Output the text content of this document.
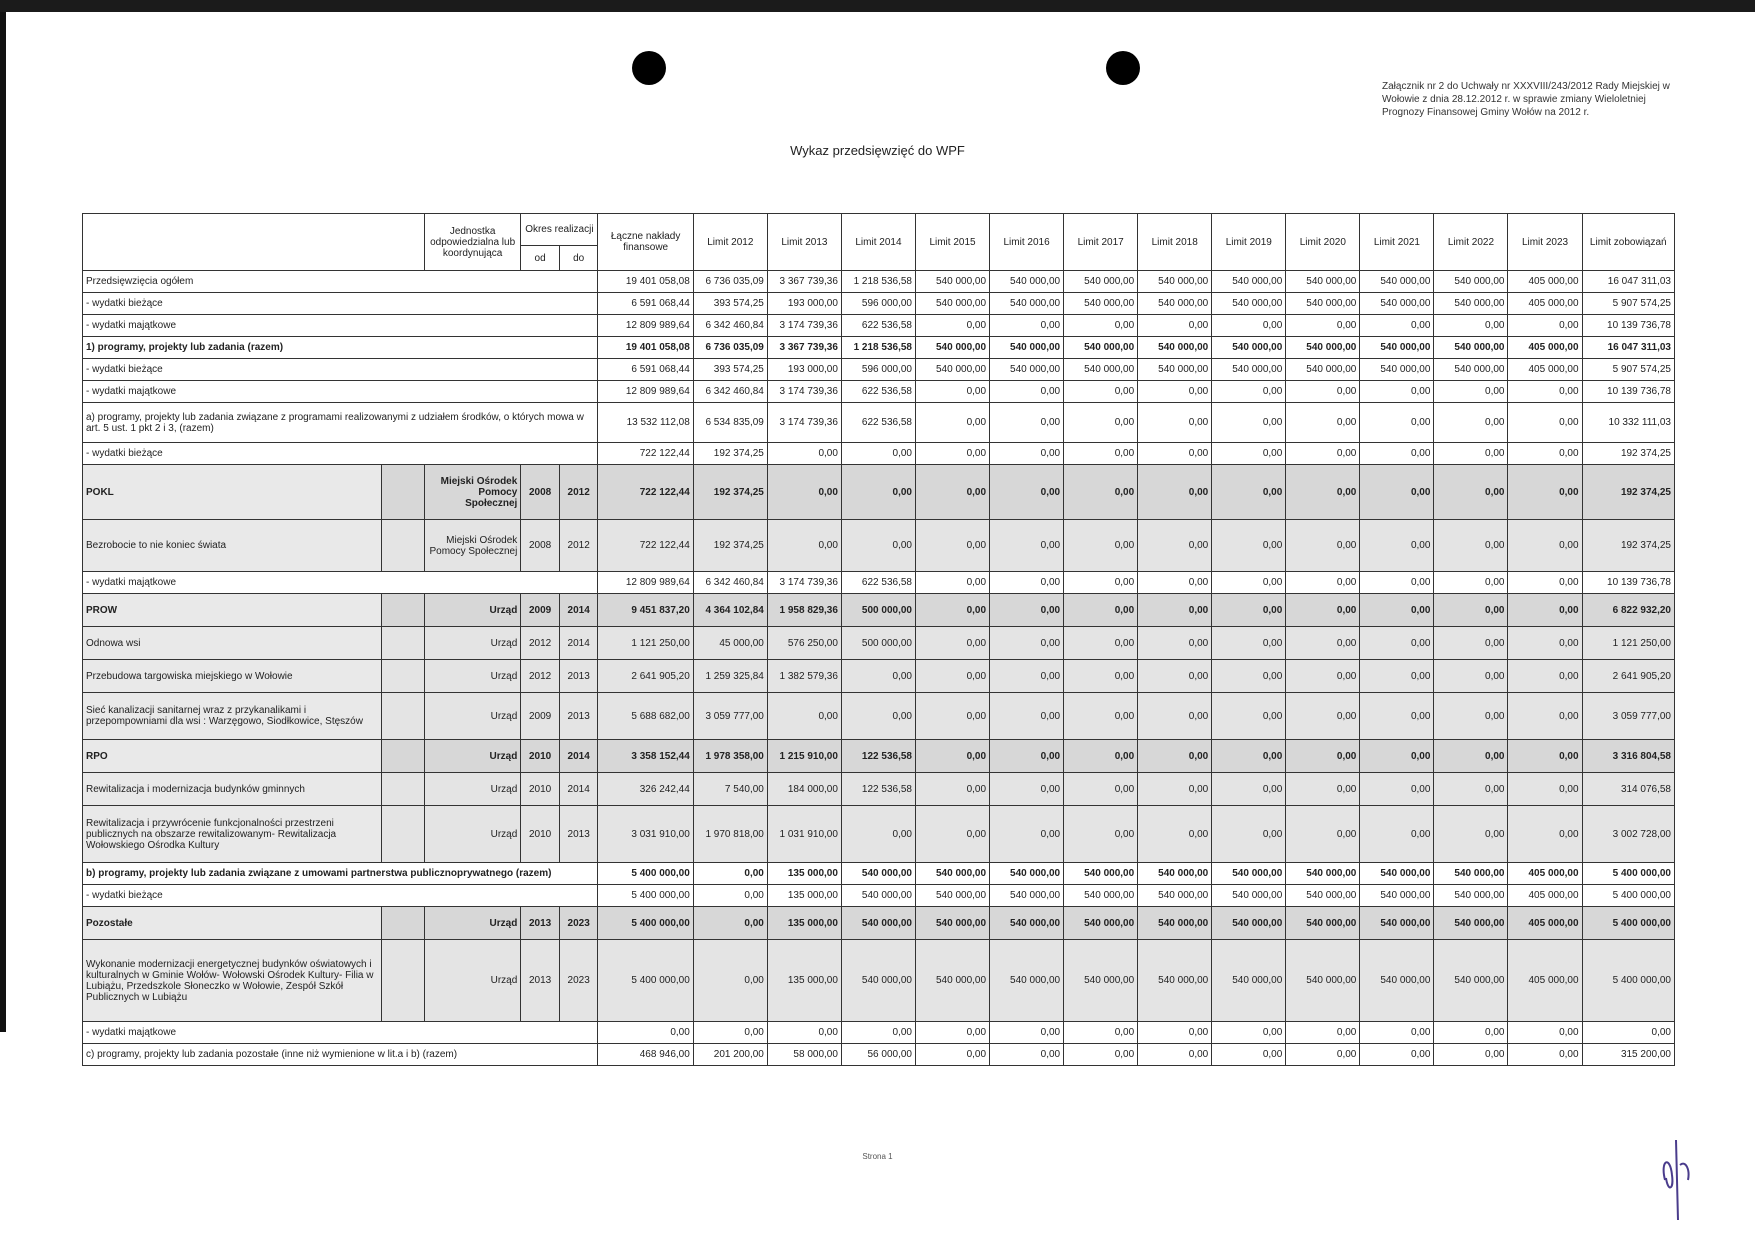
Załącznik nr 2 do Uchwały nr XXXVIII/243/2012 Rady Miejskiej w Wołowie z dnia 28.12.2012 r. w sprawie zmiany Wieloletniej Prognozy Finansowej Gminy Wołów na 2012 r.
Wykaz przedsięwzięć do WPF
		Jednostka odpowiedzialna lub koordynująca	Okres realizacji		Łączne nakłady finansowe	Limit 2012	Limit 2013	Limit 2014	Limit 2015	Limit 2016	Limit 2017	Limit 2018	Limit 2019	Limit 2020	Limit 2021	Limit 2022	Limit 2023	Limit zobowiązań
			od	do														
Przedsięwzięcia ogółem					19 401 058,08	6 736 035,09	3 367 739,36	1 218 536,58	540 000,00	540 000,00	540 000,00	540 000,00	540 000,00	540 000,00	540 000,00	540 000,00	405 000,00	16 047 311,03
- wydatki bieżące					6 591 068,44	393 574,25	193 000,00	596 000,00	540 000,00	540 000,00	540 000,00	540 000,00	540 000,00	540 000,00	540 000,00	540 000,00	405 000,00	5 907 574,25
- wydatki majątkowe					12 809 989,64	6 342 460,84	3 174 739,36	622 536,58	0,00	0,00	0,00	0,00	0,00	0,00	0,00	0,00	0,00	10 139 736,78
1) programy, projekty lub zadania (razem)					19 401 058,08	6 736 035,09	3 367 739,36	1 218 536,58	540 000,00	540 000,00	540 000,00	540 000,00	540 000,00	540 000,00	540 000,00	540 000,00	405 000,00	16 047 311,03
- wydatki bieżące					6 591 068,44	393 574,25	193 000,00	596 000,00	540 000,00	540 000,00	540 000,00	540 000,00	540 000,00	540 000,00	540 000,00	540 000,00	405 000,00	5 907 574,25
- wydatki majątkowe					12 809 989,64	6 342 460,84	3 174 739,36	622 536,58	0,00	0,00	0,00	0,00	0,00	0,00	0,00	0,00	0,00	10 139 736,78
a) programy, projekty lub zadania związane z programami realizowanymi z udziałem środków, o których mowa w art. 5 ust. 1 pkt 2 i 3, (razem)					13 532 112,08	6 534 835,09	3 174 739,36	622 536,58	0,00	0,00	0,00	0,00	0,00	0,00	0,00	0,00	0,00	10 332 111,03
- wydatki bieżące					722 122,44	192 374,25	0,00	0,00	0,00	0,00	0,00	0,00	0,00	0,00	0,00	0,00	0,00	192 374,25
POKL		Miejski Ośrodek Pomocy Społecznej	2008	2012	722 122,44	192 374,25	0,00	0,00	0,00	0,00	0,00	0,00	0,00	0,00	0,00	0,00	0,00	192 374,25
Bezrobocie to nie koniec świata		Miejski Ośrodek Pomocy Społecznej	2008	2012	722 122,44	192 374,25	0,00	0,00	0,00	0,00	0,00	0,00	0,00	0,00	0,00	0,00	0,00	192 374,25
- wydatki majątkowe					12 809 989,64	6 342 460,84	3 174 739,36	622 536,58	0,00	0,00	0,00	0,00	0,00	0,00	0,00	0,00	0,00	10 139 736,78
PROW		Urząd	2009	2014	9 451 837,20	4 364 102,84	1 958 829,36	500 000,00	0,00	0,00	0,00	0,00	0,00	0,00	0,00	0,00	0,00	6 822 932,20
Odnowa wsi		Urząd	2012	2014	1 121 250,00	45 000,00	576 250,00	500 000,00	0,00	0,00	0,00	0,00	0,00	0,00	0,00	0,00	0,00	1 121 250,00
Przebudowa targowiska miejskiego w Wołowie		Urząd	2012	2013	2 641 905,20	1 259 325,84	1 382 579,36	0,00	0,00	0,00	0,00	0,00	0,00	0,00	0,00	0,00	0,00	2 641 905,20
Sieć kanalizacji sanitarnej wraz z przykanalikami i przepompowniami dla wsi : Warzęgowo, Siodłkowice, Stęszów		Urząd	2009	2013	5 688 682,00	3 059 777,00	0,00	0,00	0,00	0,00	0,00	0,00	0,00	0,00	0,00	0,00	0,00	3 059 777,00
RPO		Urząd	2010	2014	3 358 152,44	1 978 358,00	1 215 910,00	122 536,58	0,00	0,00	0,00	0,00	0,00	0,00	0,00	0,00	0,00	3 316 804,58
Rewitalizacja i modernizacja budynków gminnych		Urząd	2010	2014	326 242,44	7 540,00	184 000,00	122 536,58	0,00	0,00	0,00	0,00	0,00	0,00	0,00	0,00	0,00	314 076,58
Rewitalizacja i przywrócenie funkcjonalności przestrzeni publicznych na obszarze rewitalizowanym- Rewitalizacja Wołowskiego Ośrodka Kultury		Urząd	2010	2013	3 031 910,00	1 970 818,00	1 031 910,00	0,00	0,00	0,00	0,00	0,00	0,00	0,00	0,00	0,00	0,00	3 002 728,00
b) programy, projekty lub zadania związane z umowami partnerstwa publicznoprywatnego (razem)					5 400 000,00	0,00	135 000,00	540 000,00	540 000,00	540 000,00	540 000,00	540 000,00	540 000,00	540 000,00	540 000,00	540 000,00	405 000,00	5 400 000,00
- wydatki bieżące					5 400 000,00	0,00	135 000,00	540 000,00	540 000,00	540 000,00	540 000,00	540 000,00	540 000,00	540 000,00	540 000,00	540 000,00	405 000,00	5 400 000,00
Pozostałe		Urząd	2013	2023	5 400 000,00	0,00	135 000,00	540 000,00	540 000,00	540 000,00	540 000,00	540 000,00	540 000,00	540 000,00	540 000,00	540 000,00	405 000,00	5 400 000,00
Wykonanie modernizacji energetycznej budynków oświatowych i kulturalnych w Gminie Wołów- Wołowski Ośrodek Kultury- Filia w Lubiążu, Przedszkole Słoneczko w Wołowie, Zespół Szkół Publicznych w Lubiążu		Urząd	2013	2023	5 400 000,00	0,00	135 000,00	540 000,00	540 000,00	540 000,00	540 000,00	540 000,00	540 000,00	540 000,00	540 000,00	540 000,00	405 000,00	5 400 000,00
- wydatki majątkowe					0,00	0,00	0,00	0,00	0,00	0,00	0,00	0,00	0,00	0,00	0,00	0,00	0,00	0,00
c) programy, projekty lub zadania pozostałe (inne niż wymienione w lit.a i b) (razem)					468 946,00	201 200,00	58 000,00	56 000,00	0,00	0,00	0,00	0,00	0,00	0,00	0,00	0,00	0,00	315 200,00
Strona 1
